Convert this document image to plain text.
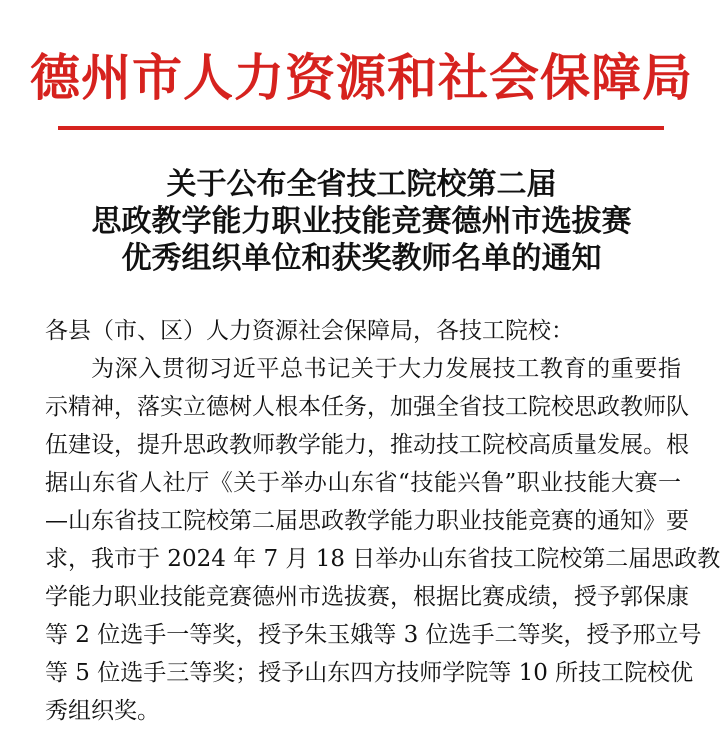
德州市人力资源和社会保障局
关于公布全省技工院校第二届
思政教学能力职业技能竞赛德州市选拔赛
优秀组织单位和获奖教师名单的通知
各县（市、区）人力资源社会保障局，各技工院校：
为深入贯彻习近平总书记关于大力发展技工教育的重要指
示精神，落实立德树人根本任务，加强全省技工院校思政教师队
伍建设，提升思政教师教学能力，推动技工院校高质量发展。根
据山东省人社厅《关于举办山东省“技能兴鲁”职业技能大赛一
—山东省技工院校第二届思政教学能力职业技能竞赛的通知》要
求，我市于 2024 年 7 月 18 日举办山东省技工院校第二届思政教
学能力职业技能竞赛德州市选拔赛，根据比赛成绩，授予郭保康
等 2 位选手一等奖，授予朱玉娥等 3 位选手二等奖，授予邢立号
等 5 位选手三等奖；授予山东四方技师学院等 10 所技工院校优
秀组织奖。
